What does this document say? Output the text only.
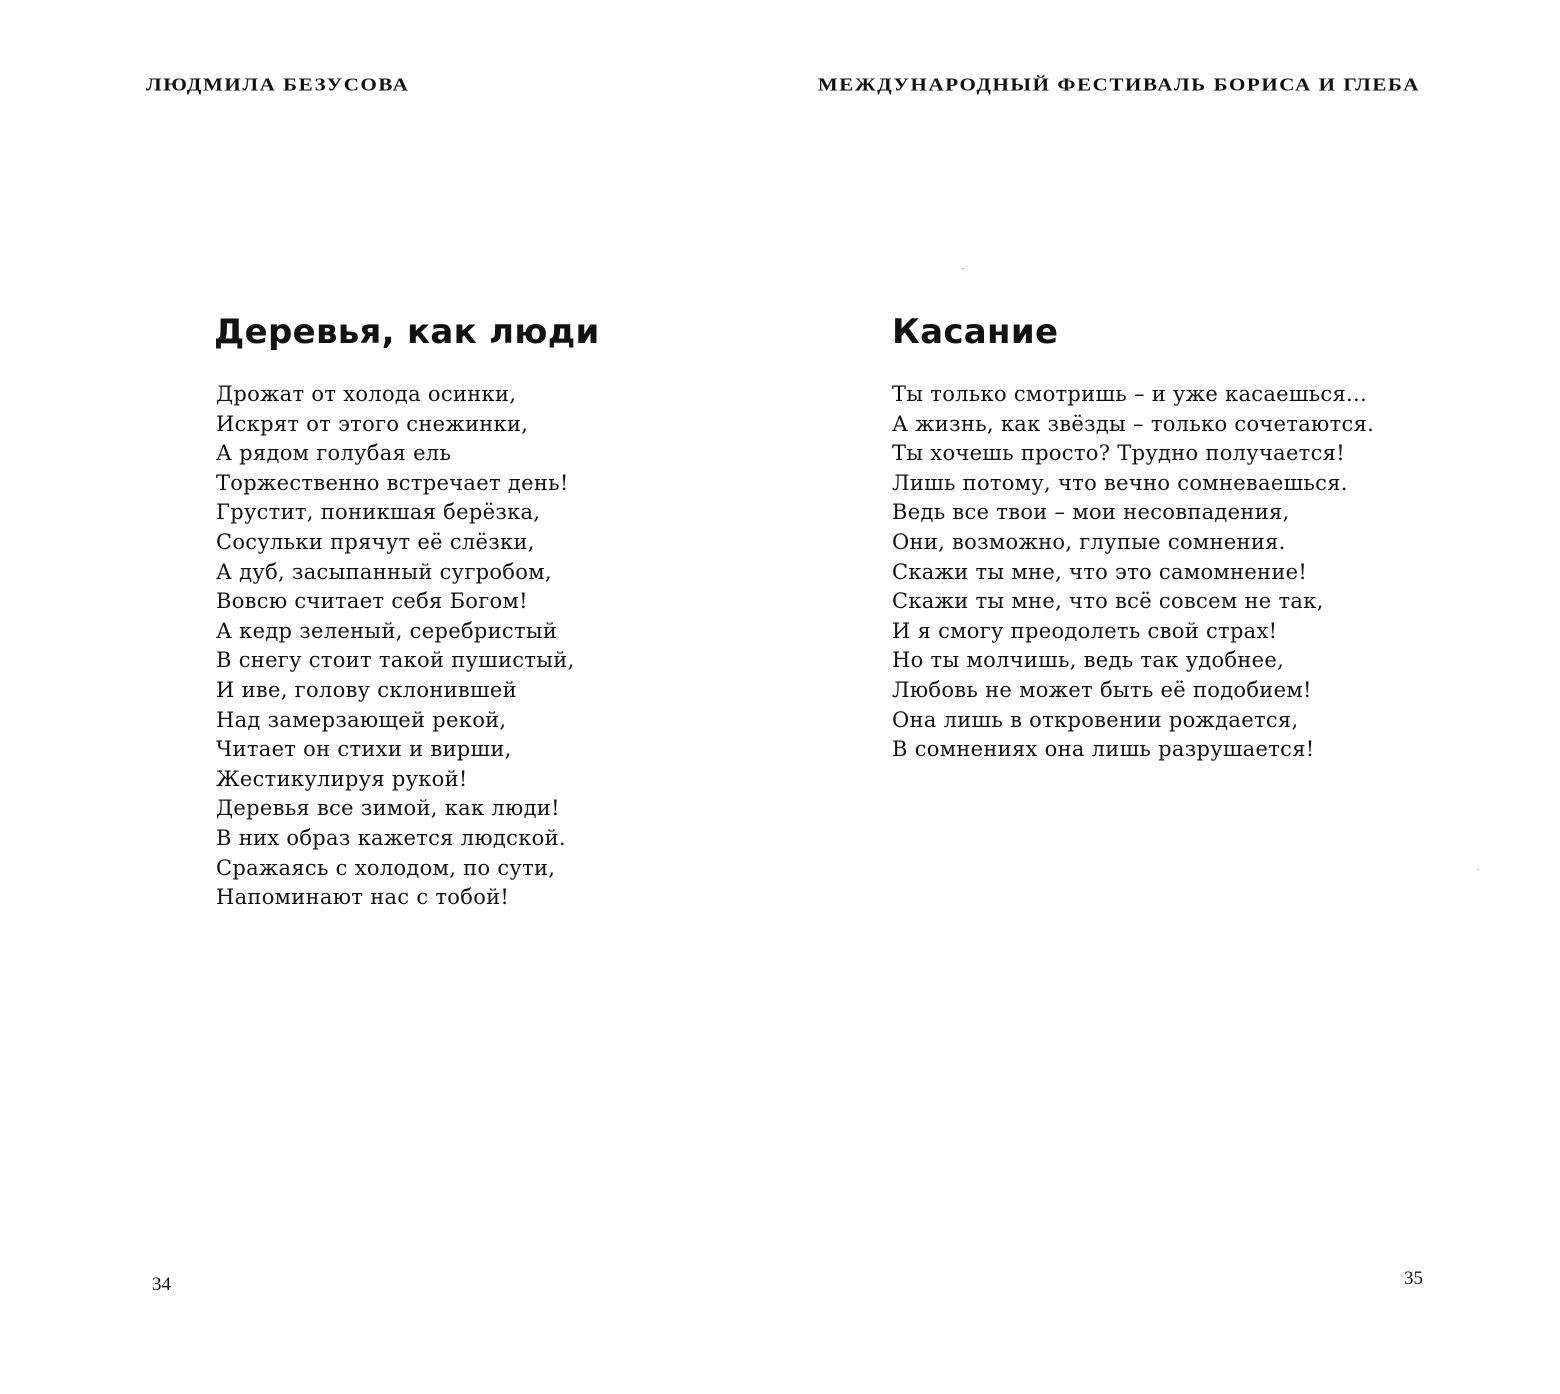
ЛЮДМИЛА БЕЗУСОВА	МЕЖДУНАРОДНЫЙ ФЕСТИВАЛЬ БОРИСА И ГЛЕБА
Деревья, как люди
Дрожат от холода осинки,
Искрят от этого снежинки,
А рядом голубая ель
Торжественно встречает день!
Грустит, поникшая берёзка,
Сосульки прячут её слёзки,
А дуб, засыпанный сугробом,
Вовсю считает себя Богом!
А кедр зеленый, серебристый
В снегу стоит такой пушистый,
И иве, голову склонившей
Над замерзающей рекой,
Читает он стихи и вирши,
Жестикулируя рукой!
Деревья все зимой, как люди!
В них образ кажется людской.
Сражаясь с холодом, по сути,
Напоминают нас с тобой!
Касание
Ты только смотришь – и уже касаешься...
А жизнь, как звёзды – только сочетаются.
Ты хочешь просто? Трудно получается!
Лишь потому, что вечно сомневаешься.
Ведь все твои – мои несовпадения,
Они, возможно, глупые сомнения.
Скажи ты мне, что это самомнение!
Скажи ты мне, что всё совсем не так,
И я смогу преодолеть свой страх!
Но ты молчишь, ведь так удобнее,
Любовь не может быть её подобием!
Она лишь в откровении рождается,
В сомнениях она лишь разрушается!
34	35
